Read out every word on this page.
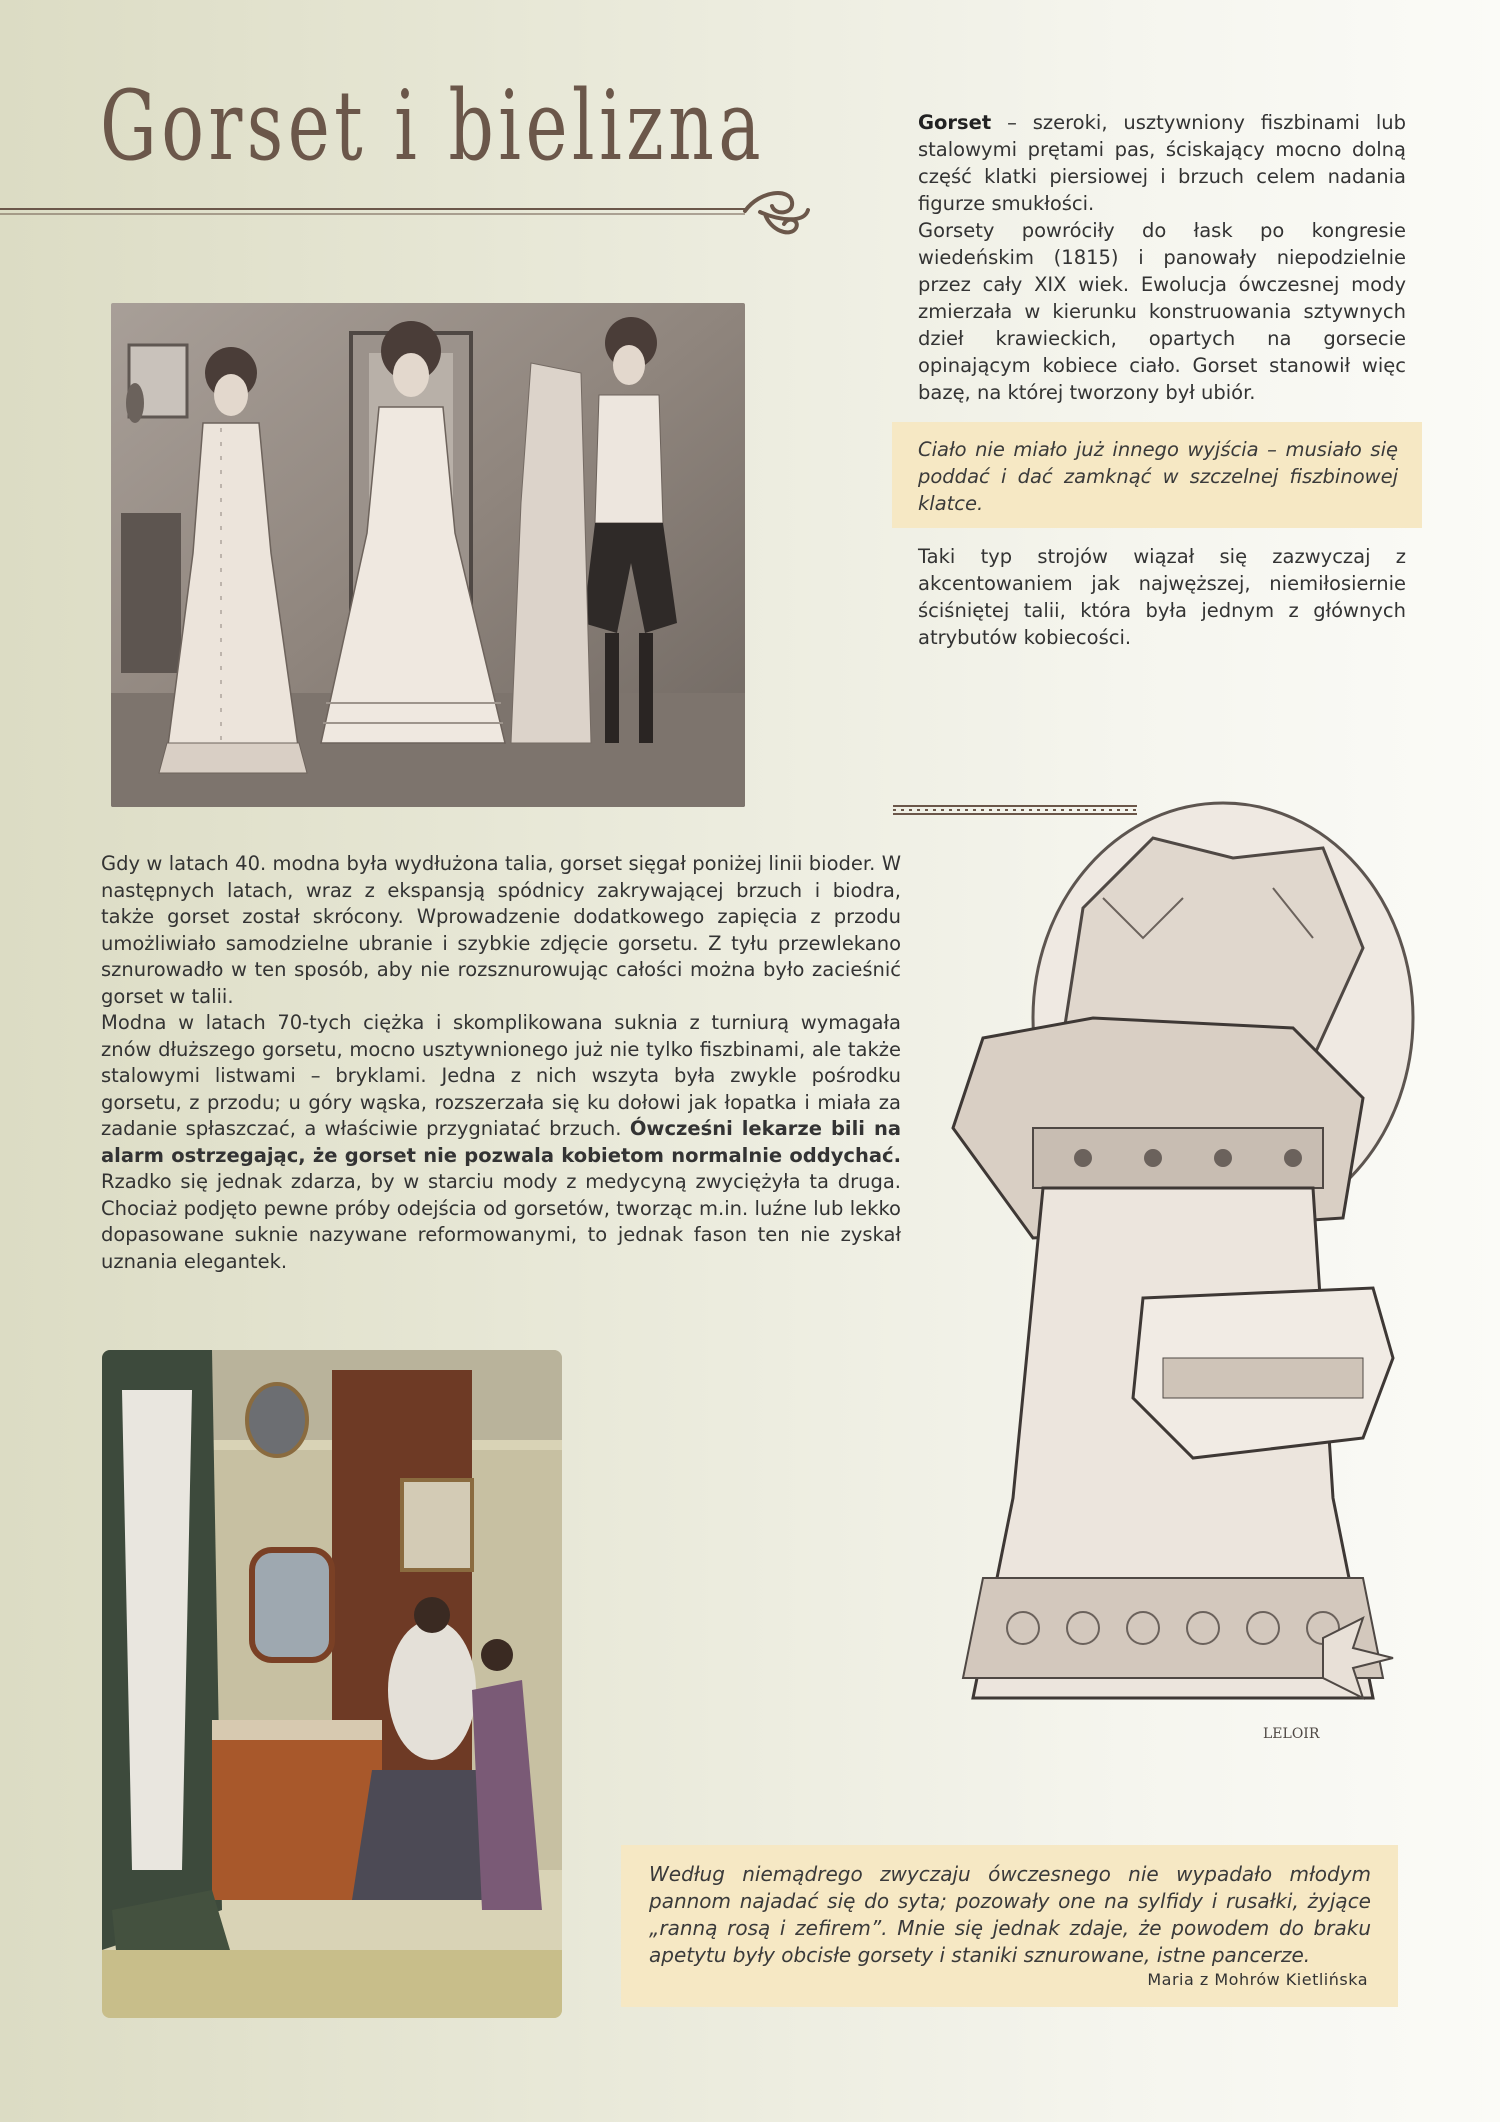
Gorset i bielizna	Gorset – szeroki, usztywniony fiszbinami lub stalowymi prętami pas, ściskający mocno dolną część klatki piersiowej i brzuch celem nadania figurze smukłości.

Gorsety powróciły do łask po kongresie wiedeńskim (1815) i panowały niepodzielnie przez cały XIX wiek. Ewolucja ówczesnej mody zmierzała w kierunku konstruowania sztywnych dzieł krawieckich, opartych na gorsecie opinającym kobiece ciało. Gorset stanowił więc bazę, na której tworzony był ubiór.

Ciało nie miało już innego wyjścia – musiało się poddać i dać zamknąć w szczelnej fiszbinowej klatce.

Taki typ strojów wiązał się zazwyczaj z akcentowaniem jak najwęższej, niemiłosiernie ściśniętej talii, która była jednym z głównych atrybutów kobiecości.

Gdy w latach 40. modna była wydłużona talia, gorset sięgał poniżej linii bioder. W następnych latach, wraz z ekspansją spódnicy zakrywającej brzuch i biodra, także gorset został skrócony. Wprowadzenie dodatkowego zapięcia z przodu umożliwiało samodzielne ubranie i szybkie zdjęcie gorsetu. Z tyłu przewlekano sznurowadło w ten sposób, aby nie rozsznurowując całości można było zacieśnić gorset w talii.

Modna w latach 70-tych ciężka i skomplikowana suknia z turniurą wymagała znów dłuższego gorsetu, mocno usztywnionego już nie tylko fiszbinami, ale także stalowymi listwami – bryklami. Jedna z nich wszyta była zwykle pośrodku gorsetu, z przodu; u góry wąska, rozszerzała się ku dołowi jak łopatka i miała za zadanie spłaszczać, a właściwie przygniatać brzuch. Ówcześni lekarze bili na alarm ostrzegając, że gorset nie pozwala kobietom normalnie oddychać. Rzadko się jednak zdarza, by w starciu mody z medycyną zwyciężyła ta druga. Chociaż podjęto pewne próby odejścia od gorsetów, tworząc m.in. luźne lub lekko dopasowane suknie nazywane reformowanymi, to jednak fason ten nie zyskał uznania elegantek.

Według niemądrego zwyczaju ówczesnego nie wypadało młodym pannom najadać się do syta; pozowały one na sylfidy i rusałki, żyjące „ranną rosą i zefirem”. Mnie się jednak zdaje, że powodem do braku apetytu były obcisłe gorsety i staniki sznurowane, istne pancerze.

Maria z Mohrów Kietlińska
LELOIR
